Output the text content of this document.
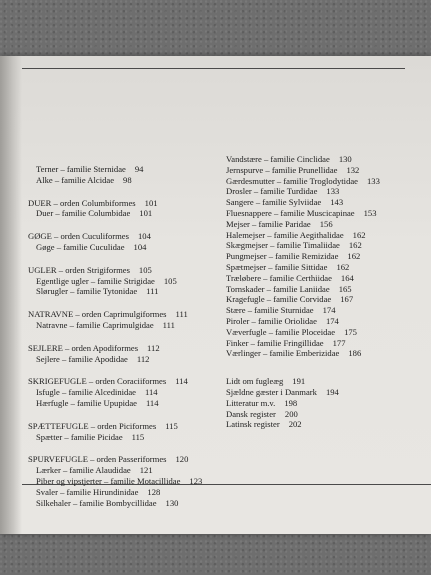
Terner – familie Sternidae 94

Alke – familie Alcidae 98

DUER – orden Columbiformes 101

Duer – familie Columbidae 101

GØGE – orden Cuculiformes 104

Gøge – familie Cuculidae 104

UGLER – orden Strigiformes 105

Egentlige ugler – familie Strigidae 105

Slørugler – familie Tytonidae 111

NATRAVNE – orden Caprimulgiformes 111

Natravne – familie Caprimulgidae 111

SEJLERE – orden Apodiformes 112

Sejlere – familie Apodidae 112

SKRIGEFUGLE – orden Coraciiformes 114

Isfugle – familie Alcedinidae 114

Hærfugle – familie Upupidae 114

SPÆTTEFUGLE – orden Piciformes 115

Spætter – familie Picidae 115

SPURVEFUGLE – orden Passeriformes 120

Lærker – familie Alaudidae 121

Piber og vipstjerter – familie Motacillidae 123

Svaler – familie Hirundinidae 128

Silkehaler – familie Bombycillidae 130

Vandstære – familie Cinclidae 130

Jernspurve – familie Prunellidae 132

Gærdesmutter – familie Troglodytidae 133

Drosler – familie Turdidae 133

Sangere – familie Sylviidae 143

Fluesnappere – familie Muscicapinae 153

Mejser – familie Paridae 156

Halemejser – familie Aegithalidae 162

Skægmejser – familie Timaliidae 162

Pungmejser – familie Remizidae 162

Spætmejser – familie Sittidae 162

Træløbere – familie Certhiidae 164

Tornskader – familie Laniidae 165

Kragefugle – familie Corvidae 167

Stære – familie Sturnidae 174

Piroler – familie Oriolidae 174

Væverfugle – familie Ploceidae 175

Finker – familie Fringillidae 177

Værlinger – familie Emberizidae 186

Lidt om fugleæg 191

Sjældne gæster i Danmark 194

Litteratur m.v. 198

Dansk register 200

Latinsk register 202
